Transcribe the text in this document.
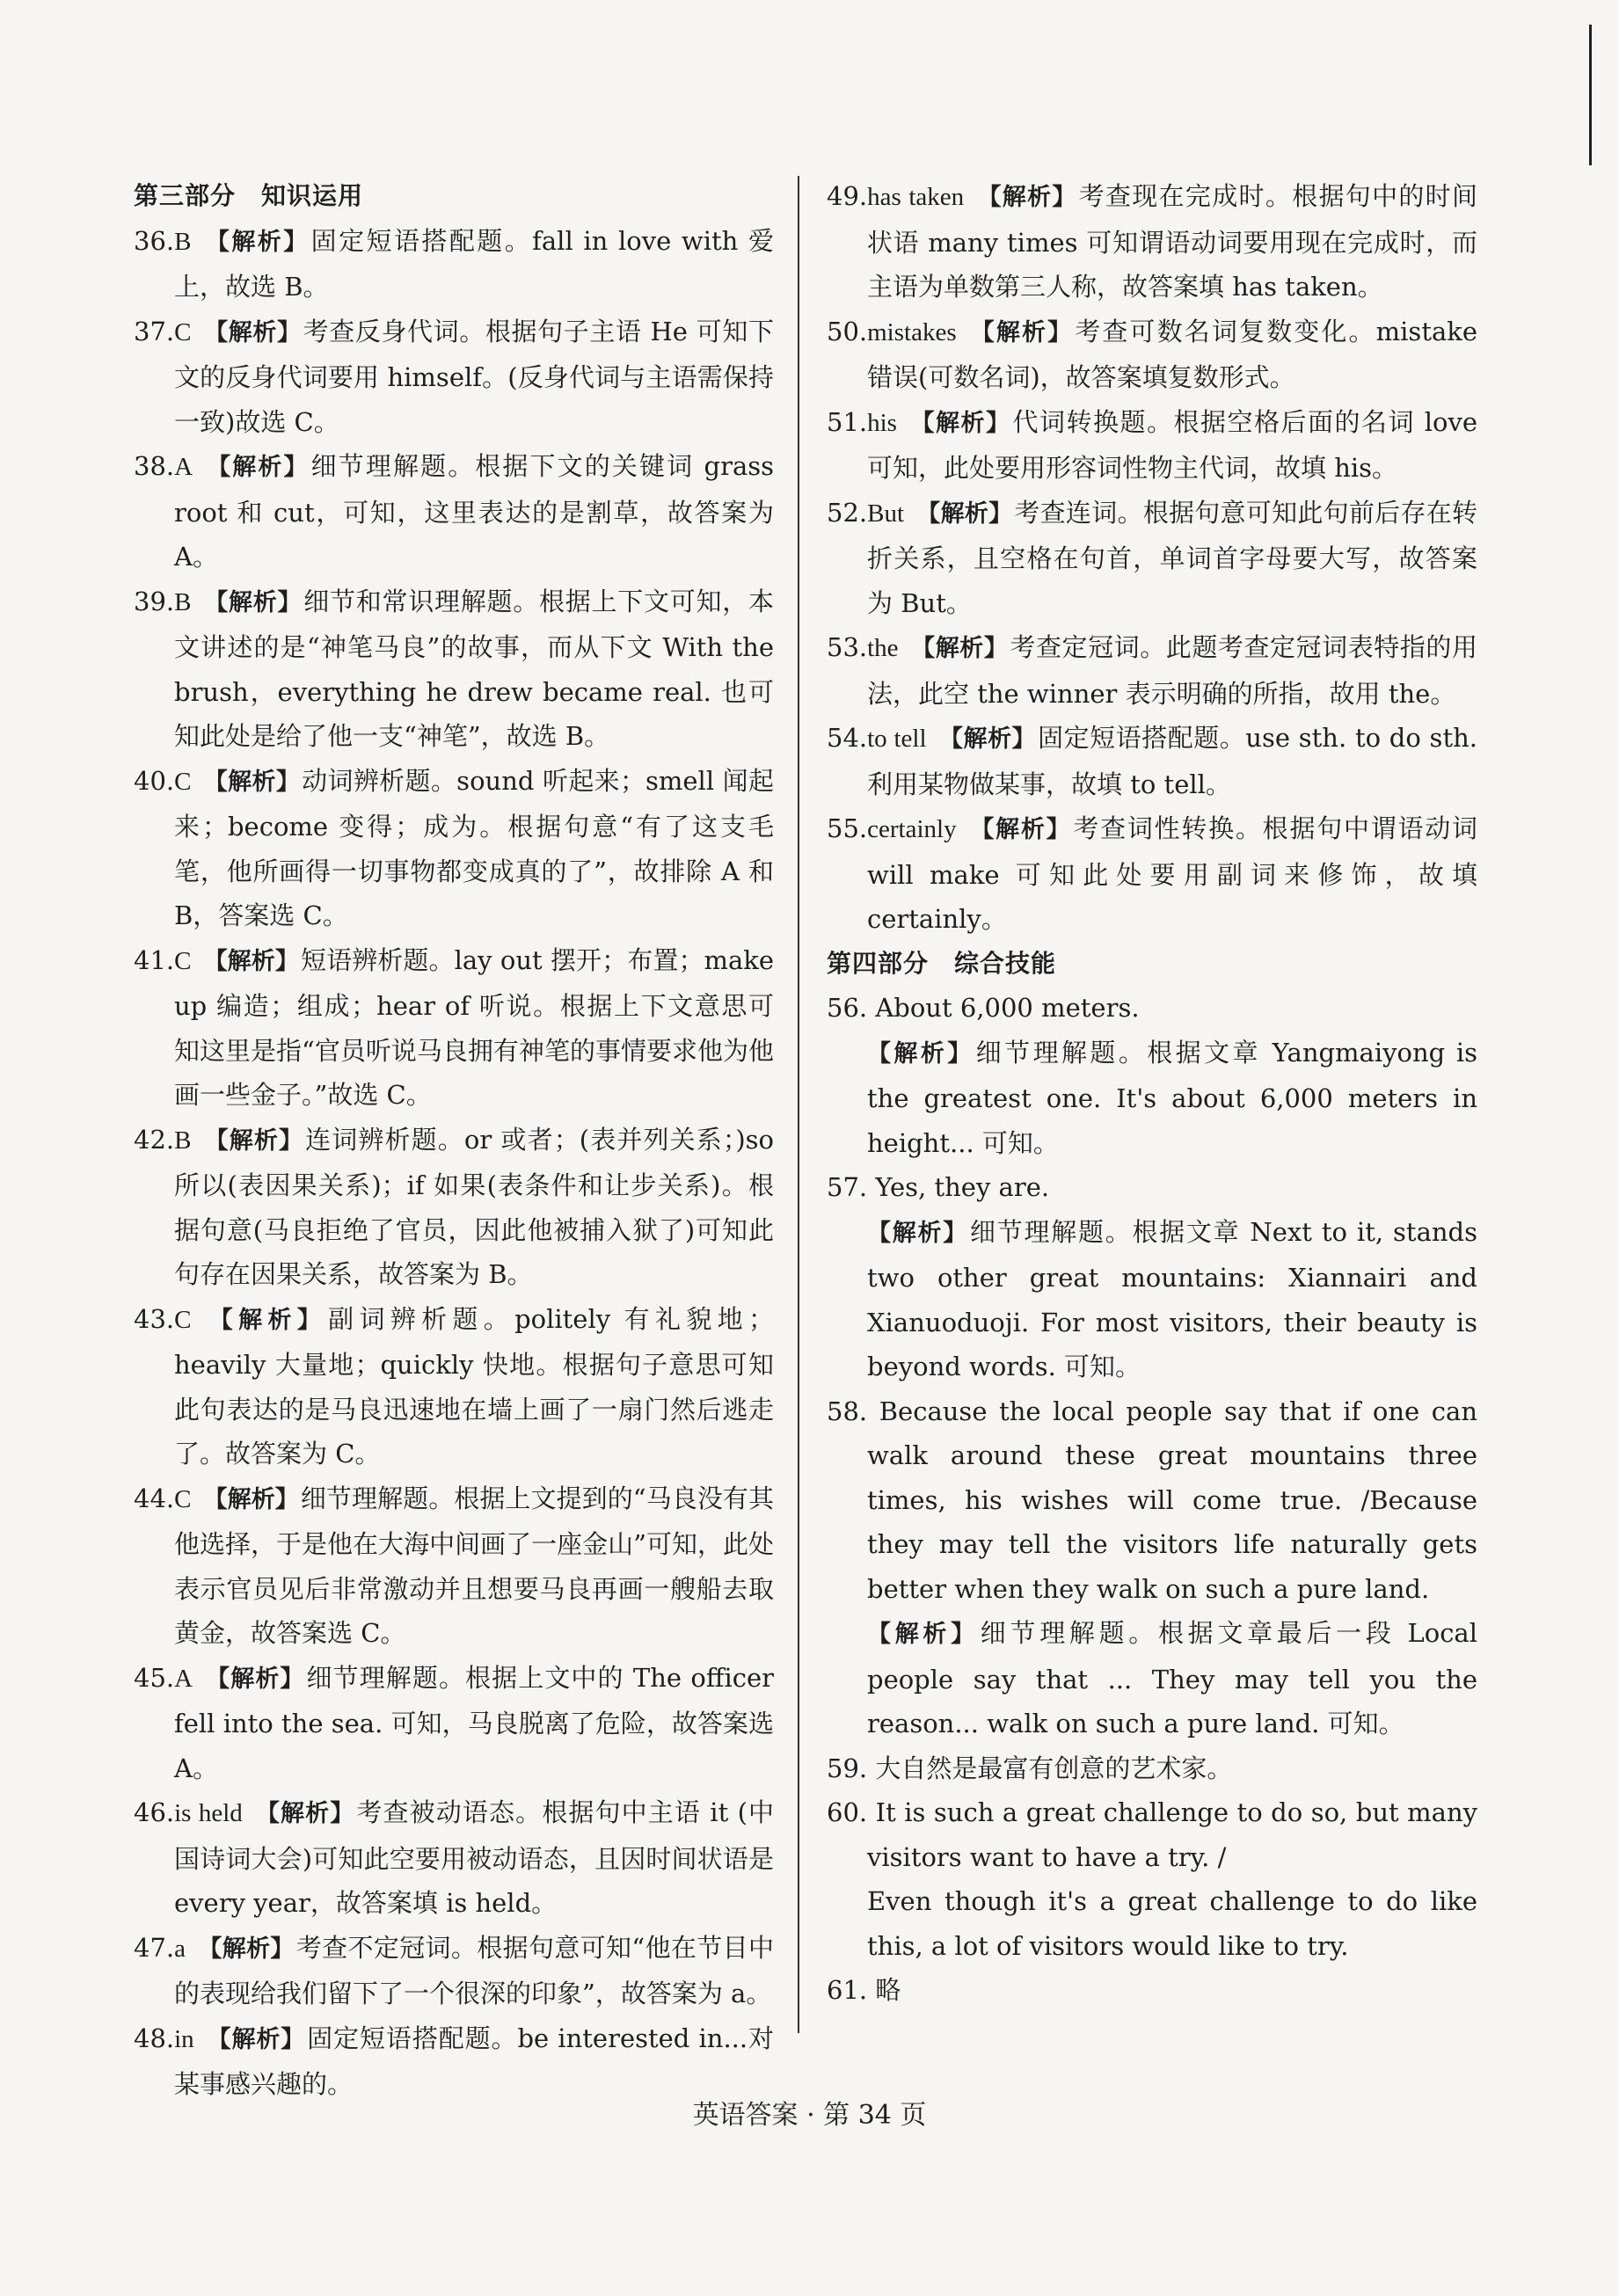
第三部分　知识运用
36.B 【解析】固定短语搭配题。fall in love with 爱上，故选 B。
37.C 【解析】考查反身代词。根据句子主语 He 可知下文的反身代词要用 himself。(反身代词与主语需保持一致)故选 C。
38.A 【解析】细节理解题。根据下文的关键词 grass root 和 cut，可知，这里表达的是割草，故答案为 A。
39.B 【解析】细节和常识理解题。根据上下文可知，本文讲述的是“神笔马良”的故事，而从下文 With the brush，everything he drew became real. 也可知此处是给了他一支“神笔”，故选 B。
40.C 【解析】动词辨析题。sound 听起来；smell 闻起来；become 变得；成为。根据句意“有了这支毛笔，他所画得一切事物都变成真的了”，故排除 A 和 B，答案选 C。
41.C 【解析】短语辨析题。lay out 摆开；布置；make up 编造；组成；hear of 听说。根据上下文意思可知这里是指“官员听说马良拥有神笔的事情要求他为他画一些金子。”故选 C。
42.B 【解析】连词辨析题。or 或者；(表并列关系；)so 所以(表因果关系)；if 如果(表条件和让步关系)。根据句意(马良拒绝了官员，因此他被捕入狱了)可知此句存在因果关系，故答案为 B。
43.C 【解析】副词辨析题。politely 有礼貌地；heavily 大量地；quickly 快地。根据句子意思可知此句表达的是马良迅速地在墙上画了一扇门然后逃走了。故答案为 C。
44.C 【解析】细节理解题。根据上文提到的“马良没有其他选择，于是他在大海中间画了一座金山”可知，此处表示官员见后非常激动并且想要马良再画一艘船去取黄金，故答案选 C。
45.A 【解析】细节理解题。根据上文中的 The officer fell into the sea. 可知，马良脱离了危险，故答案选 A。
46.is held 【解析】考查被动语态。根据句中主语 it (中国诗词大会)可知此空要用被动语态，且因时间状语是 every year，故答案填 is held。
47.a 【解析】考查不定冠词。根据句意可知“他在节目中的表现给我们留下了一个很深的印象”，故答案为 a。
48.in 【解析】固定短语搭配题。be interested in...对某事感兴趣的。
49.has taken 【解析】考查现在完成时。根据句中的时间状语 many times 可知谓语动词要用现在完成时，而主语为单数第三人称，故答案填 has taken。
50.mistakes 【解析】考查可数名词复数变化。mistake 错误(可数名词)，故答案填复数形式。
51.his 【解析】代词转换题。根据空格后面的名词 love 可知，此处要用形容词性物主代词，故填 his。
52.But 【解析】考查连词。根据句意可知此句前后存在转折关系，且空格在句首，单词首字母要大写，故答案为 But。
53.the 【解析】考查定冠词。此题考查定冠词表特指的用法，此空 the winner 表示明确的所指，故用 the。
54.to tell 【解析】固定短语搭配题。use sth. to do sth. 利用某物做某事，故填 to tell。
55.certainly 【解析】考查词性转换。根据句中谓语动词 will make 可知此处要用副词来修饰，故填 certainly。
第四部分　综合技能
56. About 6,000 meters.
【解析】细节理解题。根据文章 Yangmaiyong is the greatest one. It's about 6,000 meters in height... 可知。
57. Yes, they are.
【解析】细节理解题。根据文章 Next to it, stands two other great mountains: Xiannairi and Xianuoduoji. For most visitors, their beauty is beyond words. 可知。
58. Because the local people say that if one can walk around these great mountains three times, his wishes will come true. /Because they may tell the visitors life naturally gets better when they walk on such a pure land.
【解析】细节理解题。根据文章最后一段 Local people say that ... They may tell you the reason... walk on such a pure land. 可知。
59. 大自然是最富有创意的艺术家。
60. It is such a great challenge to do so, but many visitors want to have a try. /
Even though it's a great challenge to do like this, a lot of visitors would like to try.
61. 略
英语答案 · 第 34 页
